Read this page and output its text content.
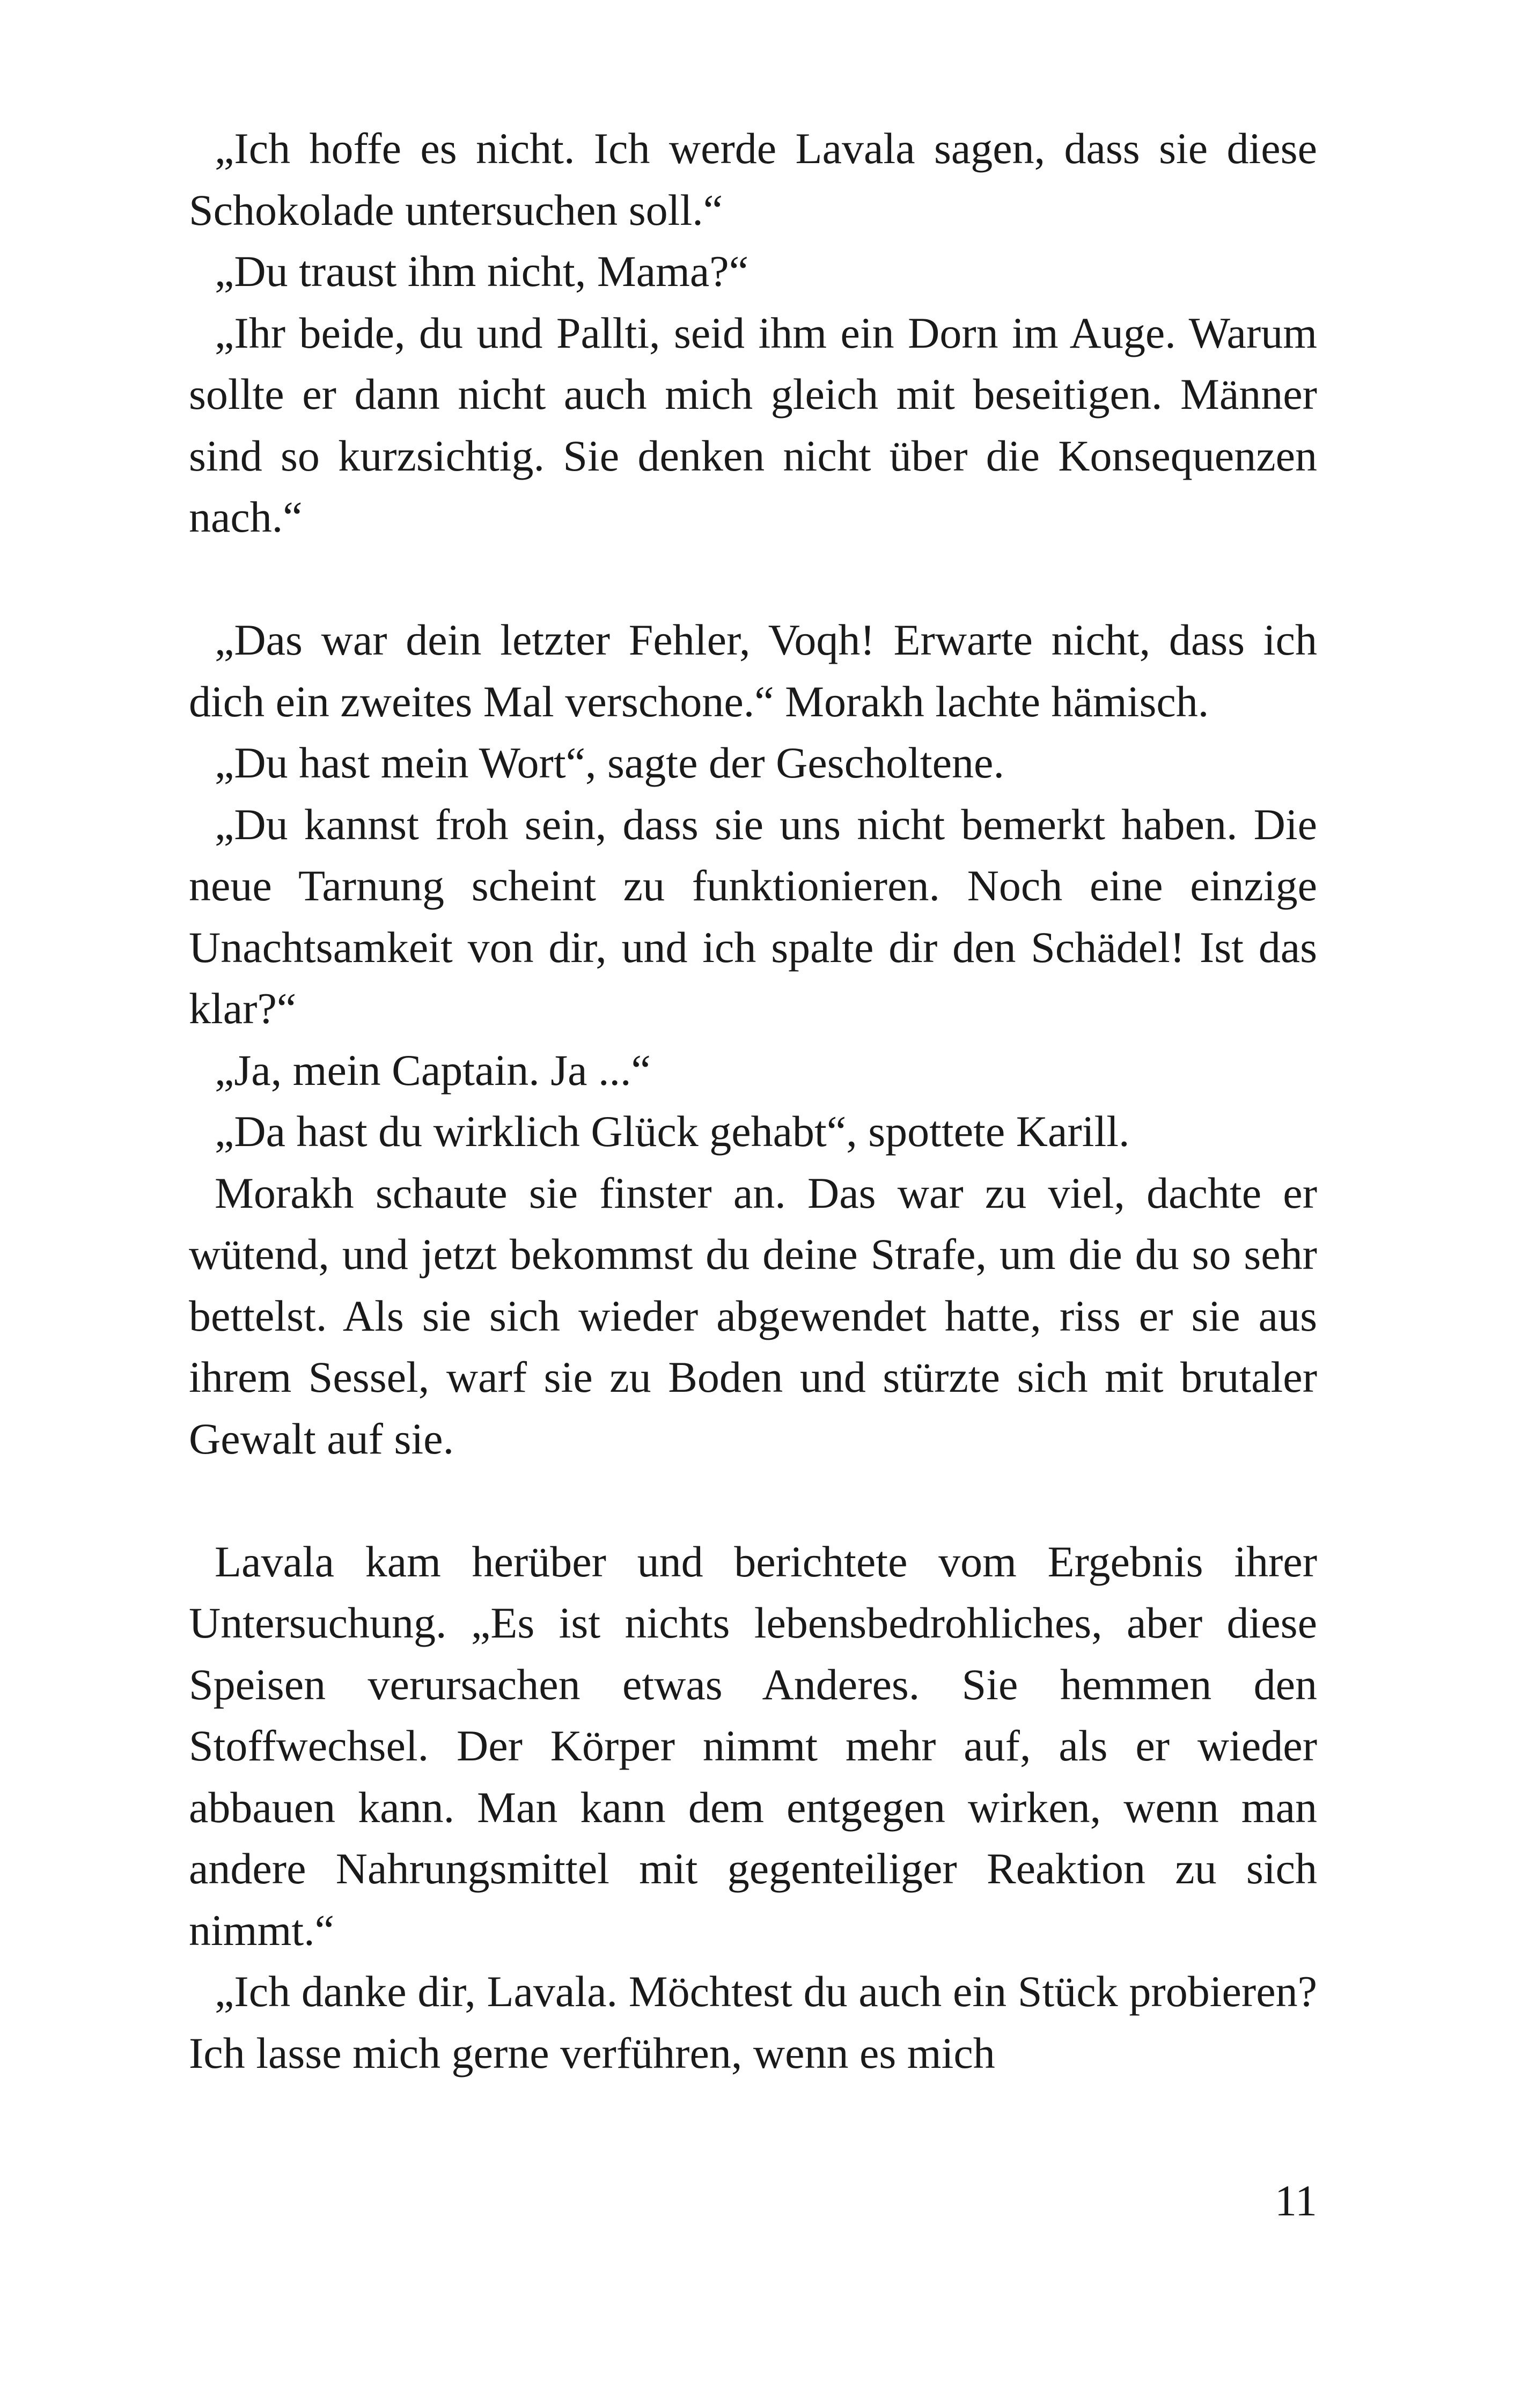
„Ich hoffe es nicht. Ich werde Lavala sagen, dass sie diese Schokolade untersuchen soll.“

„Du traust ihm nicht, Mama?“

„Ihr beide, du und Pallti, seid ihm ein Dorn im Auge. Warum sollte er dann nicht auch mich gleich mit beseitigen. Männer sind so kurzsichtig. Sie denken nicht über die Konsequenzen nach.“

„Das war dein letzter Fehler, Voqh! Erwarte nicht, dass ich dich ein zweites Mal verschone.“ Morakh lachte hämisch.

„Du hast mein Wort“, sagte der Gescholtene.

„Du kannst froh sein, dass sie uns nicht bemerkt haben. Die neue Tarnung scheint zu funktionieren. Noch eine einzige Unachtsamkeit von dir, und ich spalte dir den Schädel! Ist das klar?“

„Ja, mein Captain. Ja ...“

„Da hast du wirklich Glück gehabt“, spottete Karill.

Morakh schaute sie finster an. Das war zu viel, dachte er wütend, und jetzt bekommst du deine Strafe, um die du so sehr bettelst. Als sie sich wieder abgewendet hatte, riss er sie aus ihrem Sessel, warf sie zu Boden und stürzte sich mit brutaler Gewalt auf sie.

Lavala kam herüber und berichtete vom Ergebnis ihrer Untersuchung. „Es ist nichts lebensbedrohliches, aber diese Speisen verursachen etwas Anderes. Sie hemmen den Stoffwechsel. Der Körper nimmt mehr auf, als er wieder abbauen kann. Man kann dem entgegen wirken, wenn man andere Nahrungsmittel mit gegenteiliger Reaktion zu sich nimmt.“

„Ich danke dir, Lavala. Möchtest du auch ein Stück probieren? Ich lasse mich gerne verführen, wenn es mich

11
